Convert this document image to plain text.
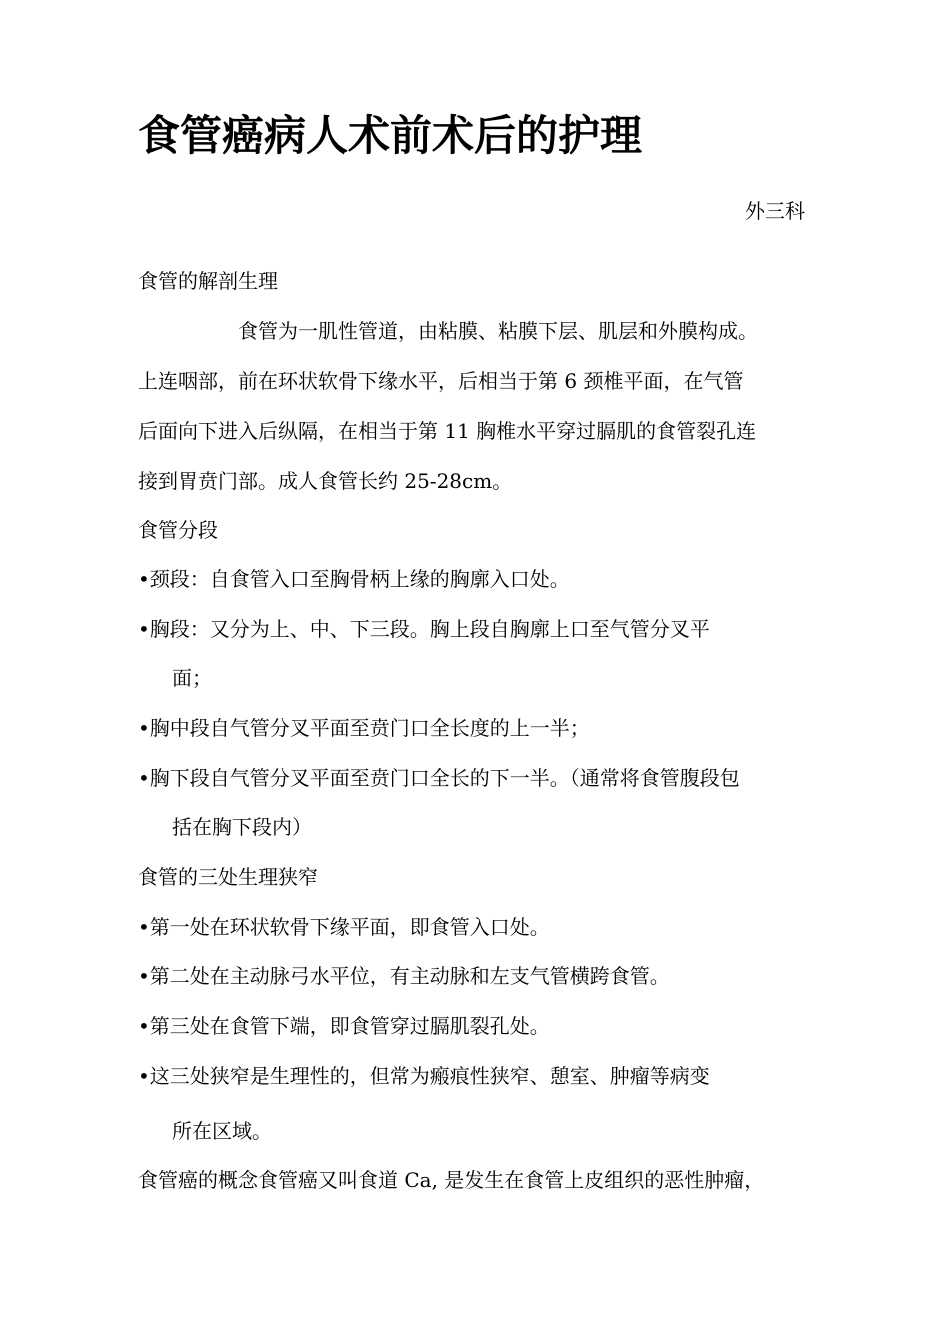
食管癌病人术前术后的护理
外三科
食管的解剖生理
食管为一肌性管道，由粘膜、粘膜下层、肌层和外膜构成。
上连咽部，前在环状软骨下缘水平，后相当于第 6 颈椎平面，在气管
后面向下进入后纵隔，在相当于第 11 胸椎水平穿过膈肌的食管裂孔连
接到胃贲门部。成人食管长约 25-28cm。
食管分段
•颈段：自食管入口至胸骨柄上缘的胸廓入口处。
•胸段：又分为上、中、下三段。胸上段自胸廓上口至气管分叉平
面；
•胸中段自气管分叉平面至贲门口全长度的上一半；
•胸下段自气管分叉平面至贲门口全长的下一半。（通常将食管腹段包
括在胸下段内）
食管的三处生理狭窄
•第一处在环状软骨下缘平面，即食管入口处。
•第二处在主动脉弓水平位，有主动脉和左支气管横跨食管。
•第三处在食管下端，即食管穿过膈肌裂孔处。
•这三处狭窄是生理性的，但常为瘢痕性狭窄、憩室、肿瘤等病变
所在区域。
食管癌的概念食管癌又叫食道 Ca, 是发生在食管上皮组织的恶性肿瘤，
